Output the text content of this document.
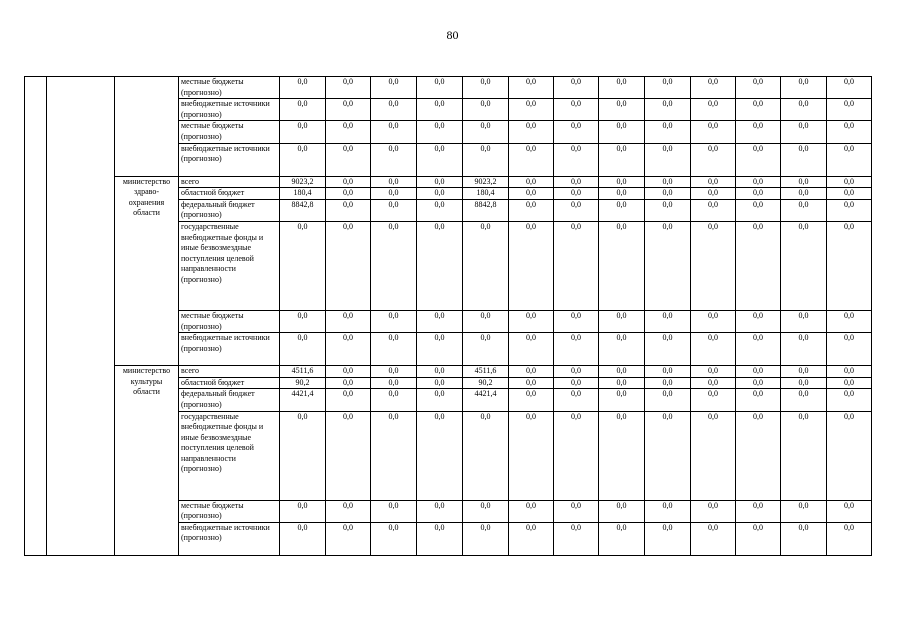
80
			местные бюджеты (прогнозно)	0,0	0,0	0,0	0,0	0,0	0,0	0,0	0,0	0,0	0,0	0,0	0,0	0,0
			внебюджетные источники (прогнозно)	0,0	0,0	0,0	0,0	0,0	0,0	0,0	0,0	0,0	0,0	0,0	0,0	0,0
			местные бюджеты (прогнозно)	0,0	0,0	0,0	0,0	0,0	0,0	0,0	0,0	0,0	0,0	0,0	0,0	0,0
			внебюджетные источники (прогнозно)	0,0	0,0	0,0	0,0	0,0	0,0	0,0	0,0	0,0	0,0	0,0	0,0	0,0
		министерство здраво-охранения области	всего	9023,2	0,0	0,0	0,0	9023,2	0,0	0,0	0,0	0,0	0,0	0,0	0,0	0,0
			областной бюджет	180,4	0,0	0,0	0,0	180,4	0,0	0,0	0,0	0,0	0,0	0,0	0,0	0,0
			федеральный бюджет (прогнозно)	8842,8	0,0	0,0	0,0	8842,8	0,0	0,0	0,0	0,0	0,0	0,0	0,0	0,0
			государственные внебюджетные фонды и иные безвозмездные поступления целевой направленности (прогнозно)	0,0	0,0	0,0	0,0	0,0	0,0	0,0	0,0	0,0	0,0	0,0	0,0	0,0
			местные бюджеты (прогнозно)	0,0	0,0	0,0	0,0	0,0	0,0	0,0	0,0	0,0	0,0	0,0	0,0	0,0
			внебюджетные источники (прогнозно)	0,0	0,0	0,0	0,0	0,0	0,0	0,0	0,0	0,0	0,0	0,0	0,0	0,0
		министерство культуры области	всего	4511,6	0,0	0,0	0,0	4511,6	0,0	0,0	0,0	0,0	0,0	0,0	0,0	0,0
			областной бюджет	90,2	0,0	0,0	0,0	90,2	0,0	0,0	0,0	0,0	0,0	0,0	0,0	0,0
			федеральный бюджет (прогнозно)	4421,4	0,0	0,0	0,0	4421,4	0,0	0,0	0,0	0,0	0,0	0,0	0,0	0,0
			государственные внебюджетные фонды и иные безвозмездные поступления целевой направленности (прогнозно)	0,0	0,0	0,0	0,0	0,0	0,0	0,0	0,0	0,0	0,0	0,0	0,0	0,0
			местные бюджеты (прогнозно)	0,0	0,0	0,0	0,0	0,0	0,0	0,0	0,0	0,0	0,0	0,0	0,0	0,0
			внебюджетные источники (прогнозно)	0,0	0,0	0,0	0,0	0,0	0,0	0,0	0,0	0,0	0,0	0,0	0,0	0,0
